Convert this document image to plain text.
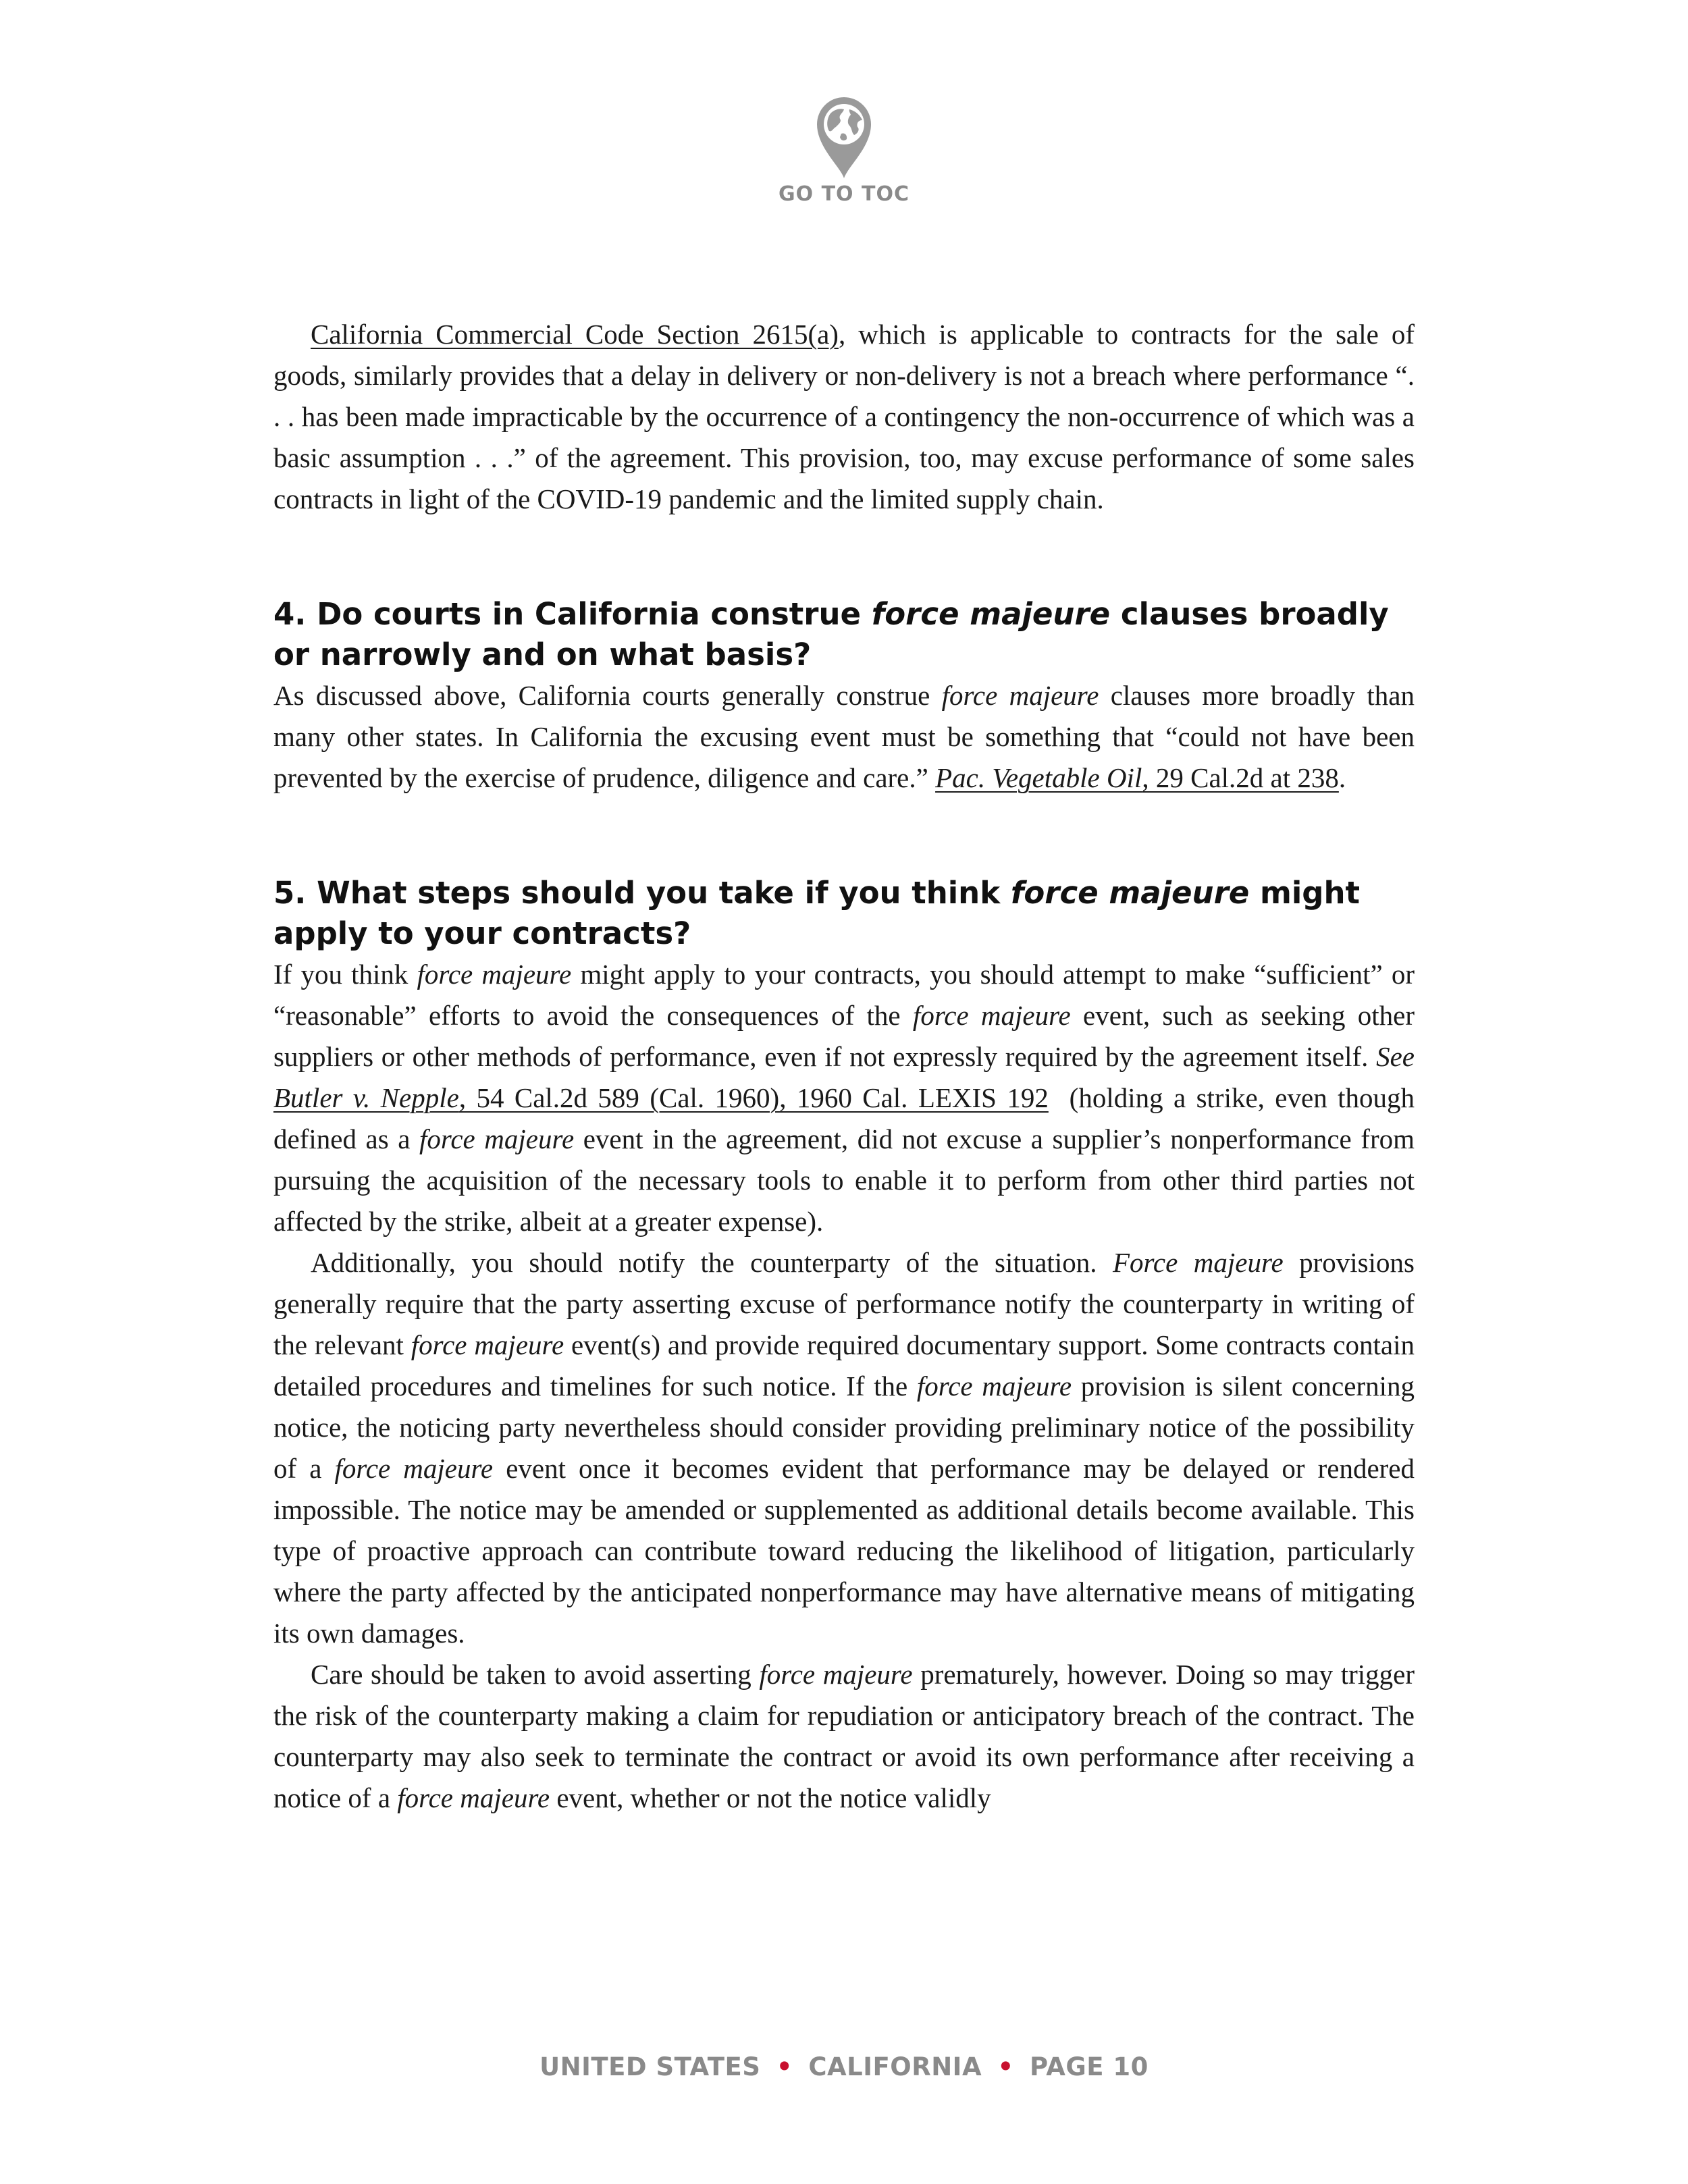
GO TO TOC

California Commercial Code Section 2615(a), which is applicable to contracts for the sale of goods, similarly provides that a delay in delivery or non-delivery is not a breach where performance “. . . has been made impracticable by the occurrence of a contingency the non-occurrence of which was a basic assumption . . .” of the agreement. This provision, too, may excuse performance of some sales contracts in light of the COVID-19 pandemic and the limited supply chain.

4. Do courts in California construe force majeure clauses broadly or narrowly and on what basis?

As discussed above, California courts generally construe force majeure clauses more broadly than many other states. In California the excusing event must be something that “could not have been prevented by the exercise of prudence, diligence and care.” Pac. Vegetable Oil, 29 Cal.2d at 238.

5. What steps should you take if you think force majeure might apply to your contracts?

If you think force majeure might apply to your contracts, you should attempt to make “sufficient” or “reasonable” efforts to avoid the consequences of the force majeure event, such as seeking other suppliers or other methods of performance, even if not expressly required by the agreement itself. See Butler v. Nepple, 54 Cal.2d 589 (Cal. 1960), 1960 Cal. LEXIS 192  (holding a strike, even though defined as a force majeure event in the agreement, did not excuse a supplier’s nonperformance from pursuing the acquisition of the necessary tools to enable it to perform from other third parties not affected by the strike, albeit at a greater expense).

Additionally, you should notify the counterparty of the situation. Force majeure provisions generally require that the party asserting excuse of performance notify the counterparty in writing of the relevant force majeure event(s) and provide required documentary support. Some contracts contain detailed procedures and timelines for such notice. If the force majeure provision is silent concerning notice, the noticing party nevertheless should consider providing preliminary notice of the possibility of a force majeure event once it becomes evident that performance may be delayed or rendered impossible. The notice may be amended or supplemented as additional details become available. This type of proactive approach can contribute toward reducing the likelihood of litigation, particularly where the party affected by the anticipated nonperformance may have alternative means of mitigating its own damages.

Care should be taken to avoid asserting force majeure prematurely, however. Doing so may trigger the risk of the counterparty making a claim for repudiation or anticipatory breach of the contract. The counterparty may also seek to terminate the contract or avoid its own performance after receiving a notice of a force majeure event, whether or not the notice validly

UNITED STATES • CALIFORNIA • PAGE 10
